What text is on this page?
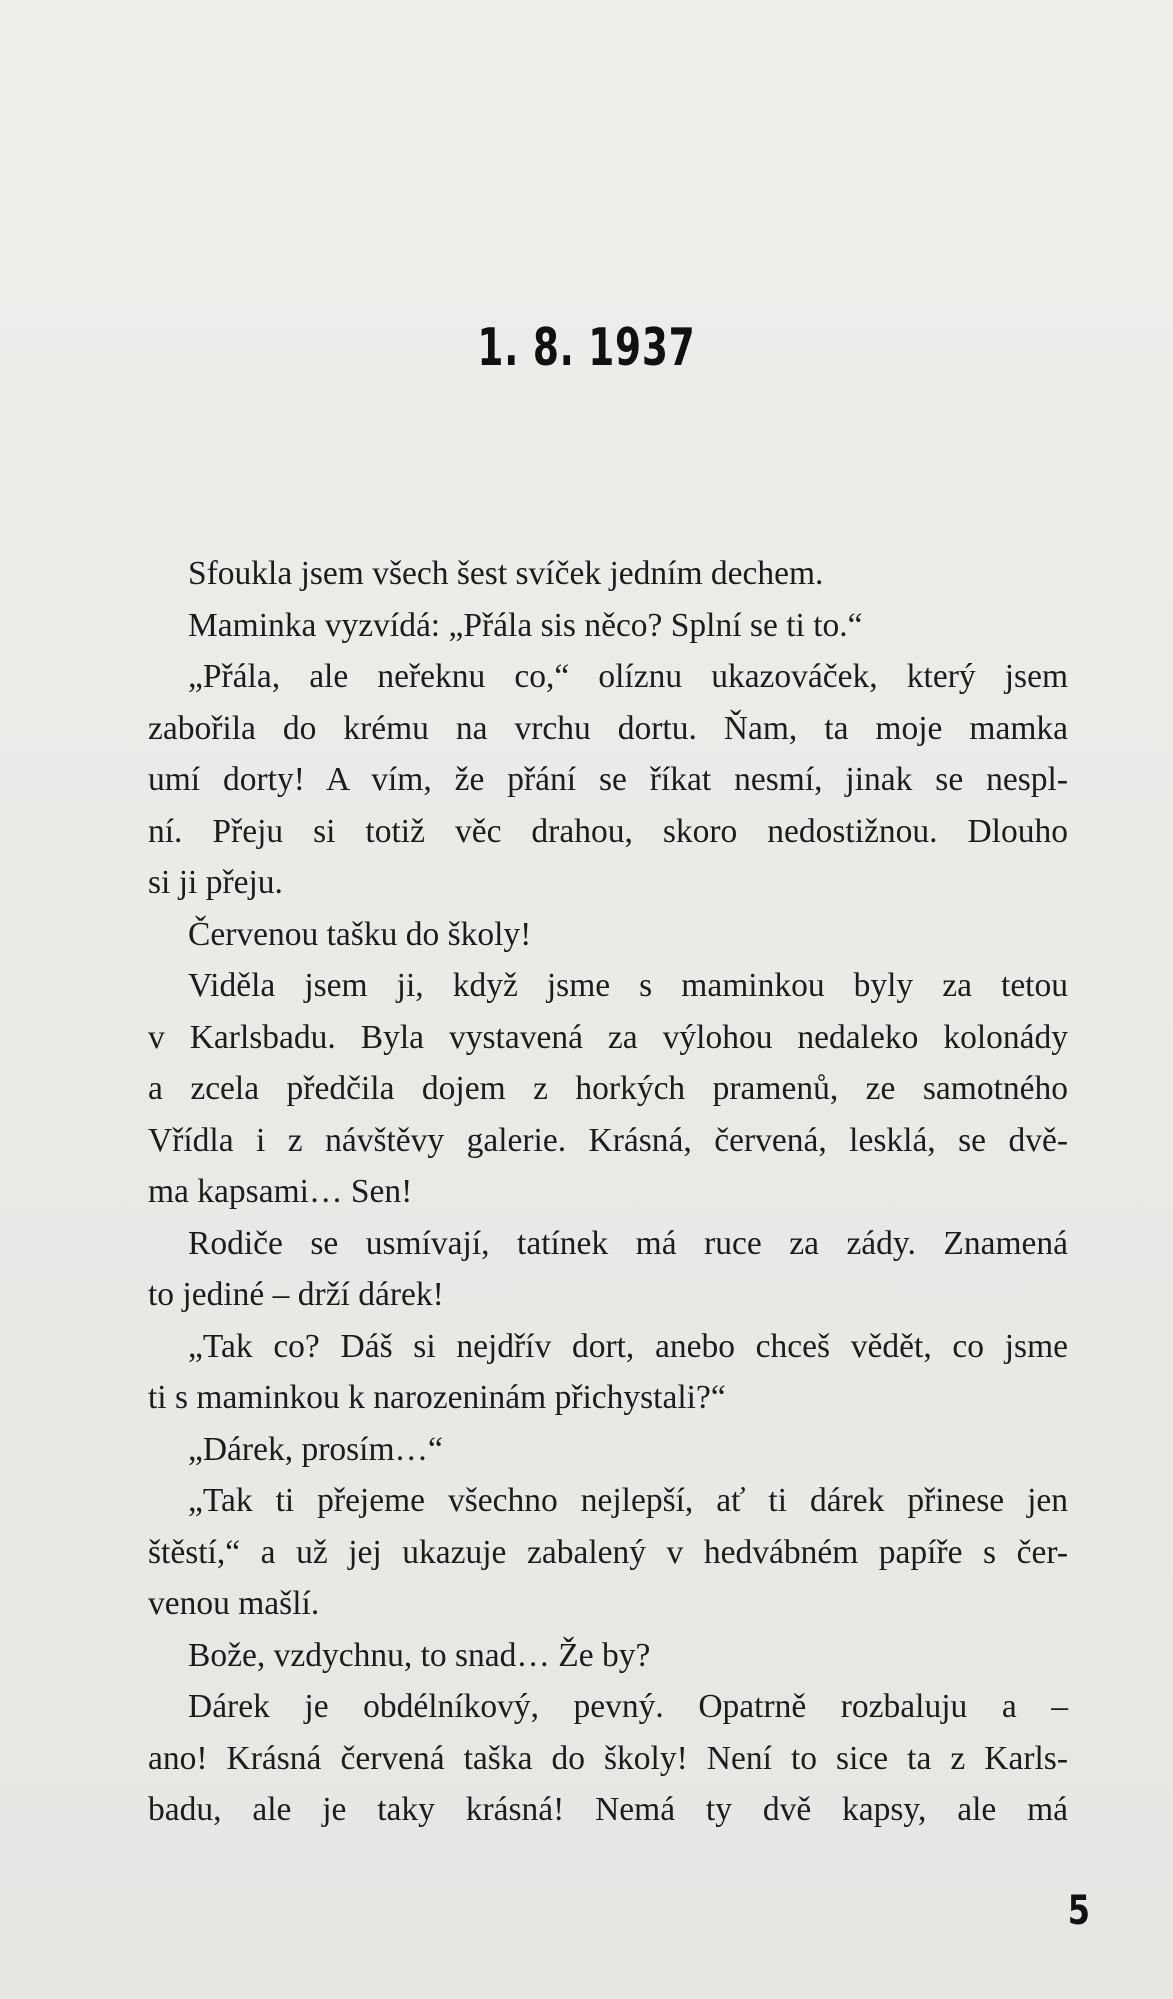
1. 8. 1937
Sfoukla jsem všech šest svíček jedním dechem.
Maminka vyzvídá: „Přála sis něco? Splní se ti to.“
„Přála, ale neřeknu co,“ olíznu ukazováček, který jsem
zabořila do krému na vrchu dortu. Ňam, ta moje mamka
umí dorty! A vím, že přání se říkat nesmí, jinak se nespl-
ní. Přeju si totiž věc drahou, skoro nedostižnou. Dlouho
si ji přeju.
Červenou tašku do školy!
Viděla jsem ji, když jsme s maminkou byly za tetou
v Karlsbadu. Byla vystavená za výlohou nedaleko kolonády
a zcela předčila dojem z horkých pramenů, ze samotného
Vřídla i z návštěvy galerie. Krásná, červená, lesklá, se dvě-
ma kapsami… Sen!
Rodiče se usmívají, tatínek má ruce za zády. Znamená
to jediné – drží dárek!
„Tak co? Dáš si nejdřív dort, anebo chceš vědět, co jsme
ti s maminkou k narozeninám přichystali?“
„Dárek, prosím…“
„Tak ti přejeme všechno nejlepší, ať ti dárek přinese jen
štěstí,“ a už jej ukazuje zabalený v hedvábném papíře s čer-
venou mašlí.
Bože, vzdychnu, to snad… Že by?
Dárek je obdélníkový, pevný. Opatrně rozbaluju a –
ano! Krásná červená taška do školy! Není to sice ta z Karls-
badu, ale je taky krásná! Nemá ty dvě kapsy, ale má
5
